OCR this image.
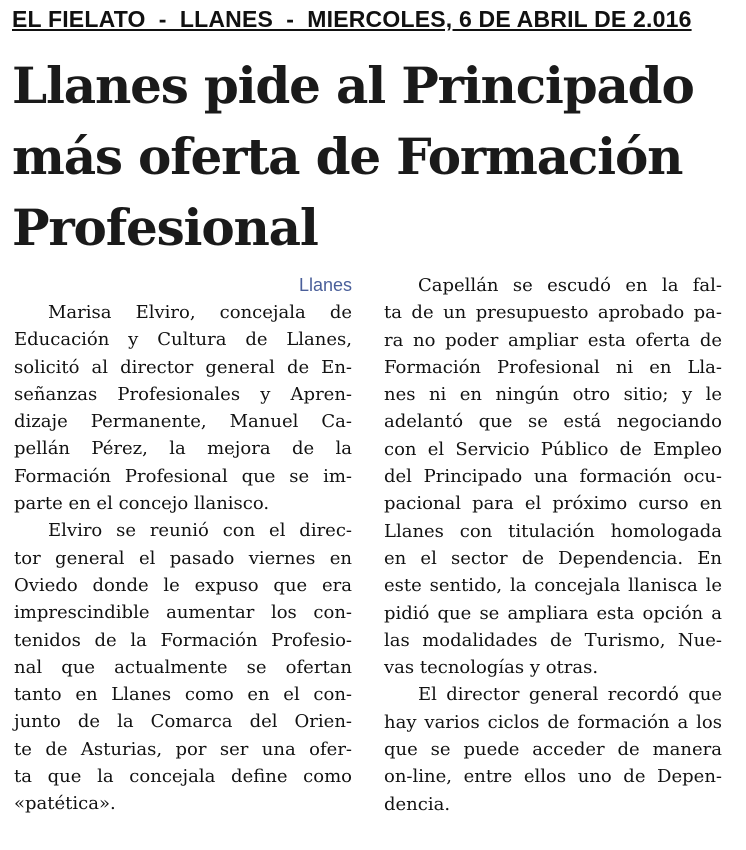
EL FIELATO  -  LLANES  -  MIERCOLES, 6 DE ABRIL DE 2.016
Llanes pide al Principado
más oferta de Formación
Profesional
Llanes
Marisa Elviro, concejala de
Educación y Cultura de Llanes,
solicitó al director general de En-
señanzas Profesionales y Apren-
dizaje Permanente, Manuel Ca-
pellán Pérez, la mejora de la
Formación Profesional que se im-
parte en el concejo llanisco.
Elviro se reunió con el direc-
tor general el pasado viernes en
Oviedo donde le expuso que era
imprescindible aumentar los con-
tenidos de la Formación Profesio-
nal que actualmente se ofertan
tanto en Llanes como en el con-
junto de la Comarca del Orien-
te de Asturias, por ser una ofer-
ta que la concejala define como
«patética».
Capellán se escudó en la fal-
ta de un presupuesto aprobado pa-
ra no poder ampliar esta oferta de
Formación Profesional ni en Lla-
nes ni en ningún otro sitio; y le
adelantó que se está negociando
con el Servicio Público de Empleo
del Principado una formación ocu-
pacional para el próximo curso en
Llanes con titulación homologada
en el sector de Dependencia. En
este sentido, la concejala llanisca le
pidió que se ampliara esta opción a
las modalidades de Turismo, Nue-
vas tecnologías y otras.
El director general recordó que
hay varios ciclos de formación a los
que se puede acceder de manera
on-line, entre ellos uno de Depen-
dencia.
